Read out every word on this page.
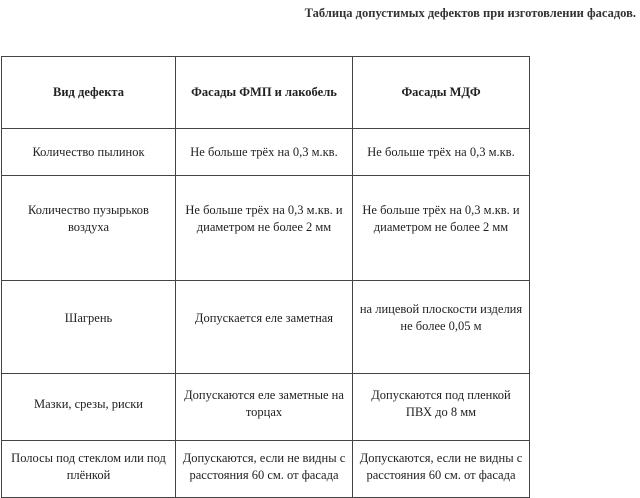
Таблица допустимых дефектов при изготовлении фасадов.
Вид дефекта	Фасады ФМП и лакобель	Фасады МДФ
Количество пылинок	Не больше трёх на 0,3 м.кв.	Не больше трёх на 0,3 м.кв.
Количество пузырьков воздуха	Не больше трёх на 0,3 м.кв. и диаметром не более 2 мм	Не больше трёх на 0,3 м.кв. и диаметром не более 2 мм
Шагрень	Допускается еле заметная	на лицевой плоскости изделия не более 0,05 м
Мазки, срезы, риски	Допускаются еле заметные на торцах	Допускаются под пленкой ПВХ до 8 мм
Полосы под стеклом или под плёнкой	Допускаются, если не видны с расстояния 60 см. от фасада	Допускаются, если не видны с расстояния 60 см. от фасада
